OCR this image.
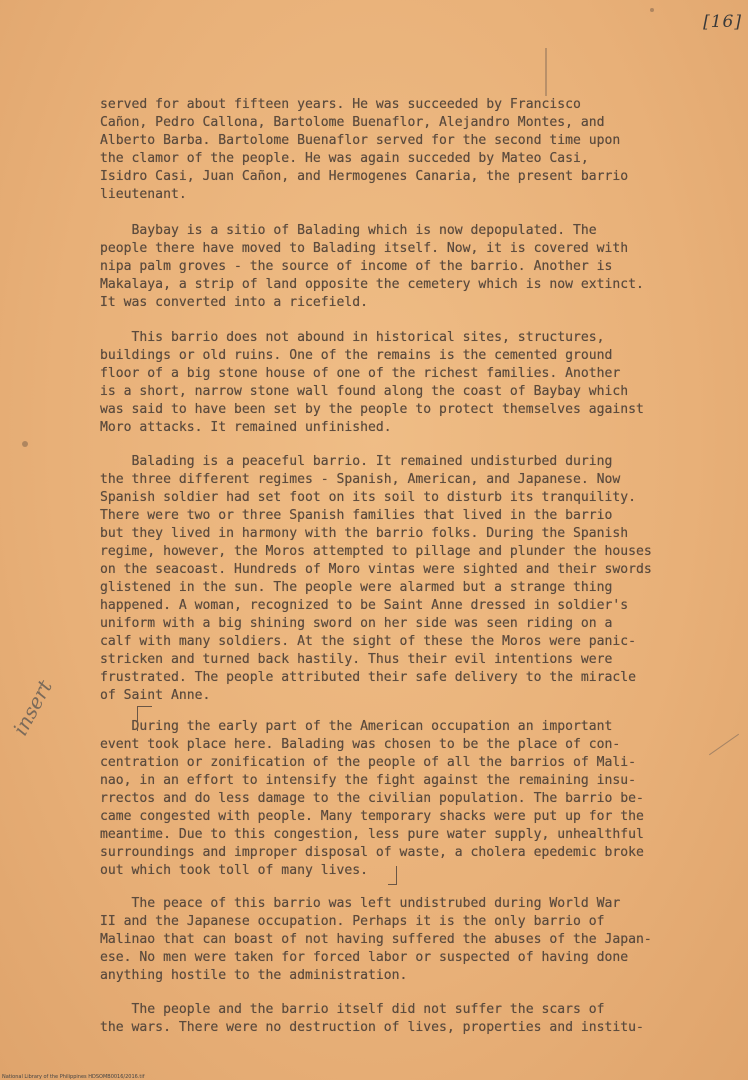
[16]
served for about fifteen years. He was succeeded by Francisco
Cañon, Pedro Callona, Bartolome Buenaflor, Alejandro Montes, and
Alberto Barba. Bartolome Buenaflor served for the second time upon
the clamor of the people. He was again succeded by Mateo Casi,
Isidro Casi, Juan Cañon, and Hermogenes Canaria, the present barrio
lieutenant.
Baybay is a sitio of Balading which is now depopulated. The
people there have moved to Balading itself. Now, it is covered with
nipa palm groves - the source of income of the barrio. Another is
Makalaya, a strip of land opposite the cemetery which is now extinct.
It was converted into a ricefield.
This barrio does not abound in historical sites, structures,
buildings or old ruins. One of the remains is the cemented ground
floor of a big stone house of one of the richest families. Another
is a short, narrow stone wall found along the coast of Baybay which
was said to have been set by the people to protect themselves against
Moro attacks. It remained unfinished.
Balading is a peaceful barrio. It remained undisturbed during
the three different regimes - Spanish, American, and Japanese. Now
Spanish soldier had set foot on its soil to disturb its tranquility.
There were two or three Spanish families that lived in the barrio
but they lived in harmony with the barrio folks. During the Spanish
regime, however, the Moros attempted to pillage and plunder the houses
on the seacoast. Hundreds of Moro vintas were sighted and their swords
glistened in the sun. The people were alarmed but a strange thing
happened. A woman, recognized to be Saint Anne dressed in soldier's
uniform with a big shining sword on her side was seen riding on a
calf with many soldiers. At the sight of these the Moros were panic-
stricken and turned back hastily. Thus their evil intentions were
frustrated. The people attributed their safe delivery to the miracle
of Saint Anne.
During the early part of the American occupation an important
event took place here. Balading was chosen to be the place of con-
centration or zonification of the people of all the barrios of Mali-
nao, in an effort to intensify the fight against the remaining insu-
rrectos and do less damage to the civilian population. The barrio be-
came congested with people. Many temporary shacks were put up for the
meantime. Due to this congestion, less pure water supply, unhealthful
surroundings and improper disposal of waste, a cholera epedemic broke
out which took toll of many lives.
The peace of this barrio was left undistrubed during World War
II and the Japanese occupation. Perhaps it is the only barrio of
Malinao that can boast of not having suffered the abuses of the Japan-
ese. No men were taken for forced labor or suspected of having done
anything hostile to the administration.
The people and the barrio itself did not suffer the scars of
the wars. There were no destruction of lives, properties and institu-
insert
National Library of the Philippines HDSOMB0016/2016.tif
